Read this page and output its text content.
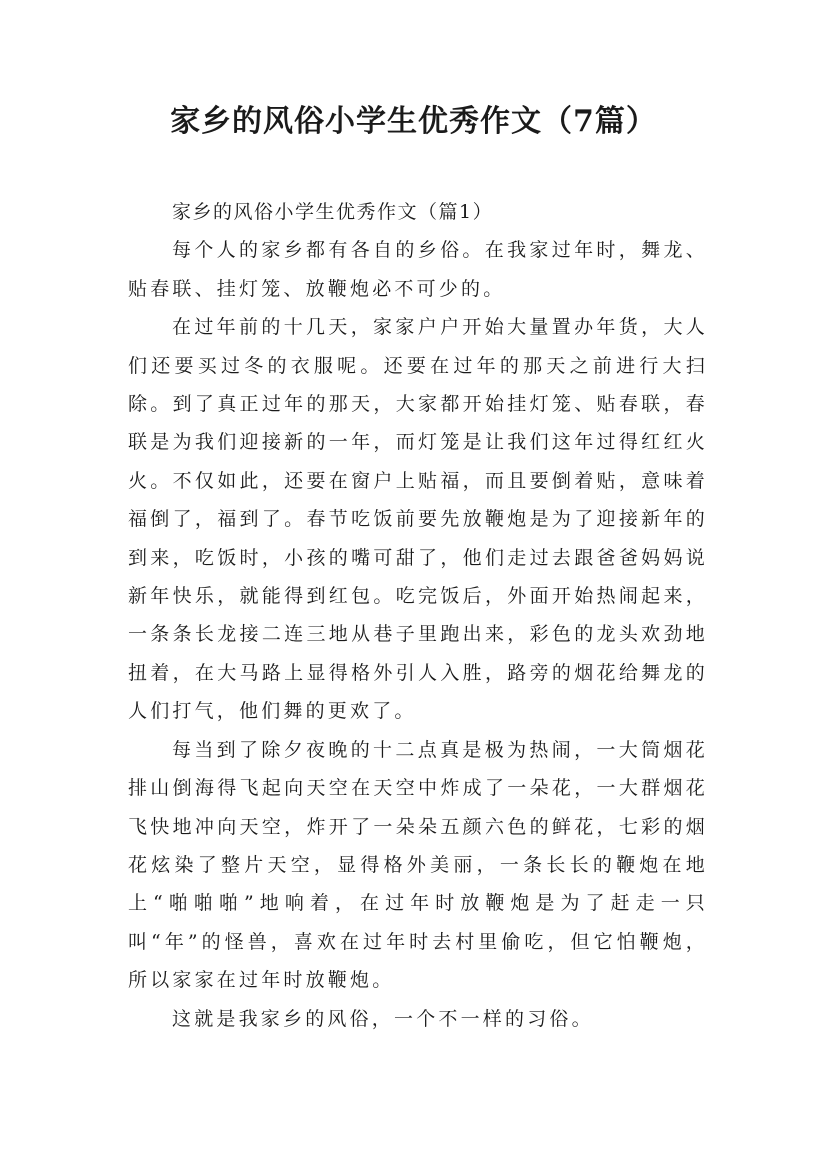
家乡的风俗小学生优秀作文（7篇）

家乡的风俗小学生优秀作文（篇1）

每个人的家乡都有各自的乡俗。在我家过年时，舞龙、贴春联、挂灯笼、放鞭炮必不可少的。

在过年前的十几天，家家户户开始大量置办年货，大人们还要买过冬的衣服呢。还要在过年的那天之前进行大扫除。到了真正过年的那天，大家都开始挂灯笼、贴春联，春联是为我们迎接新的一年，而灯笼是让我们这年过得红红火火。不仅如此，还要在窗户上贴福，而且要倒着贴，意味着福倒了，福到了。春节吃饭前要先放鞭炮是为了迎接新年的到来，吃饭时，小孩的嘴可甜了，他们走过去跟爸爸妈妈说新年快乐，就能得到红包。吃完饭后，外面开始热闹起来，一条条长龙接二连三地从巷子里跑出来，彩色的龙头欢劲地扭着，在大马路上显得格外引人入胜，路旁的烟花给舞龙的人们打气，他们舞的更欢了。

每当到了除夕夜晚的十二点真是极为热闹，一大筒烟花排山倒海得飞起向天空在天空中炸成了一朵花，一大群烟花飞快地冲向天空，炸开了一朵朵五颜六色的鲜花，七彩的烟花炫染了整片天空，显得格外美丽，一条长长的鞭炮在地上“啪啪啪”地响着，在过年时放鞭炮是为了赶走一只叫“年”的怪兽，喜欢在过年时去村里偷吃，但它怕鞭炮，所以家家在过年时放鞭炮。

这就是我家乡的风俗，一个不一样的习俗。
